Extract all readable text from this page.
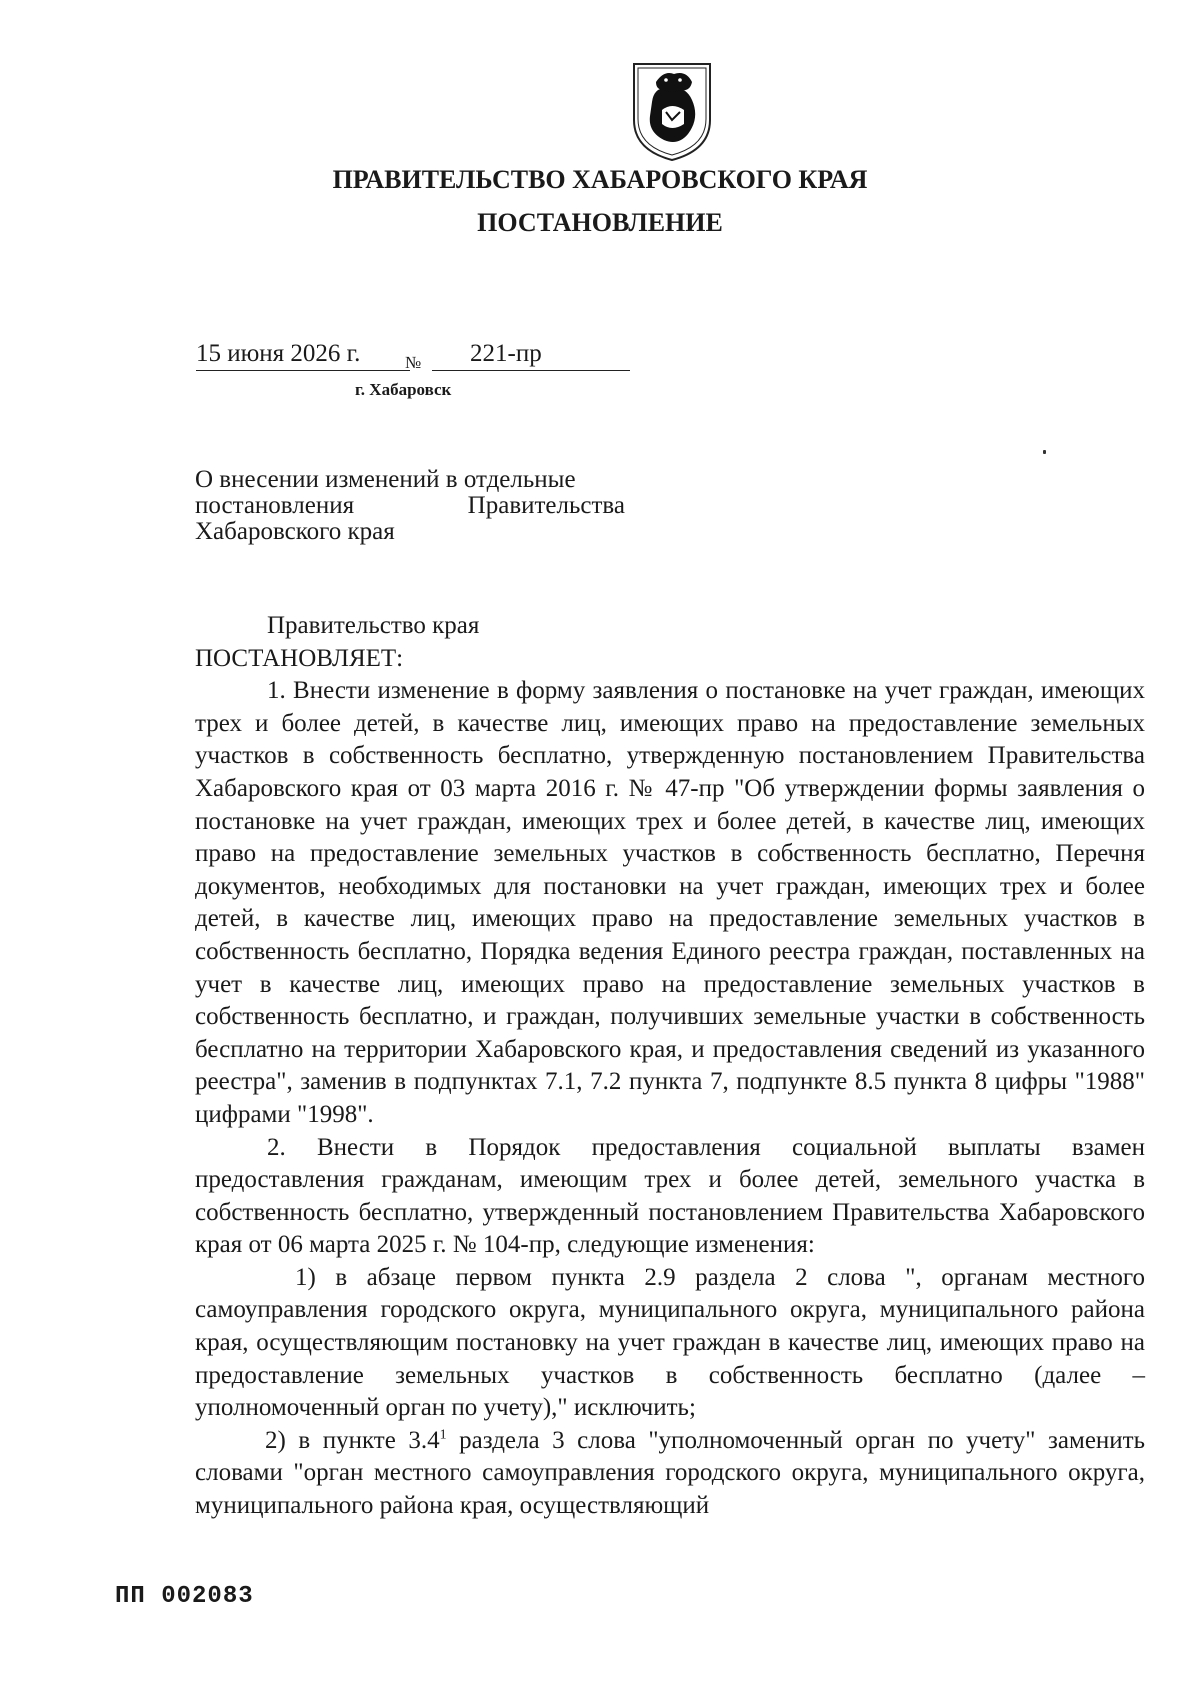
ПРАВИТЕЛЬСТВО ХАБАРОВСКОГО КРАЯ
ПОСТАНОВЛЕНИЕ
15 июня 2026 г.	№	221-пр
г. Хабаровск
О внесении изменений в отдельные
постановления	Правительства
Хабаровского края

Правительство края

ПОСТАНОВЛЯЕТ:

1. Внести изменение в форму заявления о постановке на учет граждан, имеющих трех и более детей, в качестве лиц, имеющих право на предоставление земельных участков в собственность бесплатно, утвержденную постановлением Правительства Хабаровского края от 03 марта 2016 г. № 47-пр "Об утверждении формы заявления о постановке на учет граждан, имеющих трех и более детей, в качестве лиц, имеющих право на предоставление земельных участков в собственность бесплатно, Перечня документов, необходимых для постановки на учет граждан, имеющих трех и более детей, в качестве лиц, имеющих право на предоставление земельных участков в собственность бесплатно, Порядка ведения Единого реестра граждан, поставленных на учет в качестве лиц, имеющих право на предоставление земельных участков в собственность бесплатно, и граждан, получивших земельные участки в собственность бесплатно на территории Хабаровского края, и предоставления сведений из указанного реестра", заменив в подпунктах 7.1, 7.2 пункта 7, подпункте 8.5 пункта 8 цифры "1988" цифрами "1998".

2. Внести в Порядок предоставления социальной выплаты взамен предоставления гражданам, имеющим трех и более детей, земельного участка в собственность бесплатно, утвержденный постановлением Правительства Хабаровского края от 06 марта 2025 г. № 104-пр, следующие изменения:

1) в абзаце первом пункта 2.9 раздела 2 слова ", органам местного самоуправления городского округа, муниципального округа, муниципального района края, осуществляющим постановку на учет граждан в качестве лиц, имеющих право на предоставление земельных участков в собственность бесплатно (далее – уполномоченный орган по учету)," исключить;

2) в пункте $3.4^1$ раздела 3 слова "уполномоченный орган по учету" заменить словами "орган местного самоуправления городского округа, муниципального округа, муниципального района края, осуществляющий

ПП 002083
